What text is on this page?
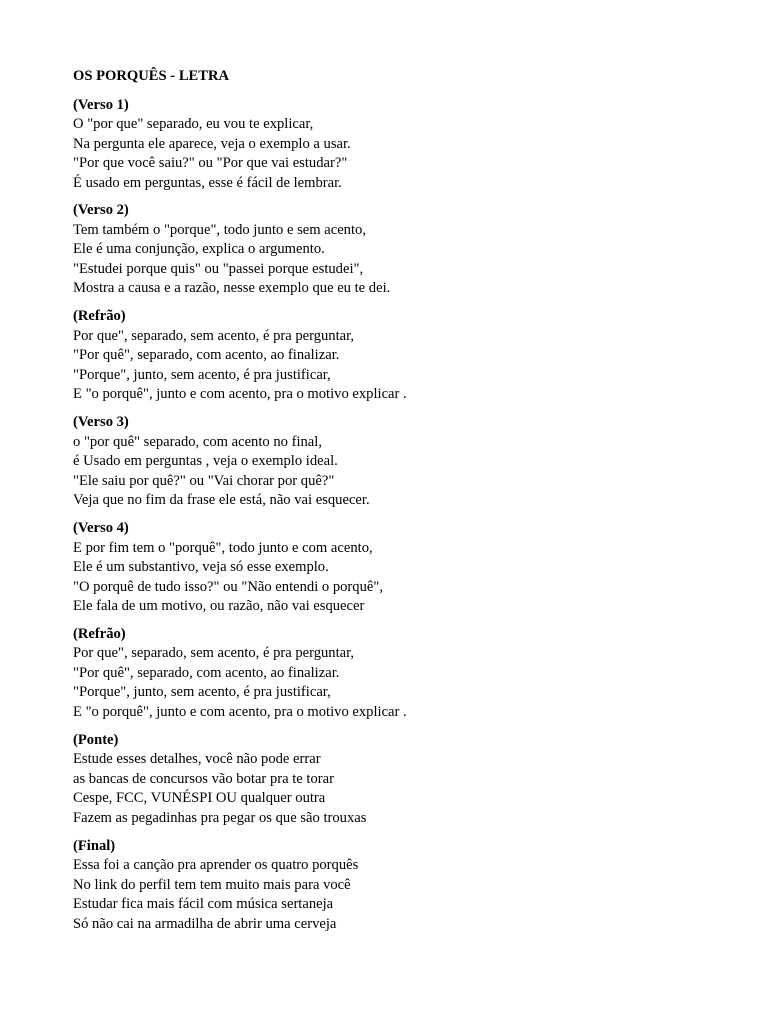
OS PORQUÊS - LETRA
(Verso 1)
O "por que" separado, eu vou te explicar,
Na pergunta ele aparece, veja o exemplo a usar.
"Por que você saiu?" ou "Por que vai estudar?"
É usado em perguntas, esse é fácil de lembrar.
(Verso 2)
Tem também o "porque", todo junto e sem acento,
Ele é uma conjunção, explica o argumento.
"Estudei porque quis" ou "passei porque estudei",
Mostra a causa e a razão, nesse exemplo que eu te dei.
(Refrão)
Por que", separado, sem acento, é pra perguntar,
"Por quê", separado, com acento, ao finalizar.
"Porque", junto, sem acento, é pra justificar,
E "o porquê", junto e com acento, pra o motivo explicar .
(Verso 3)
o "por quê" separado, com acento no final,
é Usado em perguntas , veja o exemplo ideal.
"Ele saiu por quê?" ou "Vai chorar por quê?"
Veja que no fim da frase ele está, não vai esquecer.
(Verso 4)
E por fim tem o "porquê", todo junto e com acento,
Ele é um substantivo, veja só esse exemplo.
"O porquê de tudo isso?" ou "Não entendi o porquê",
Ele fala de um motivo, ou razão, não vai esquecer
(Refrão)
Por que", separado, sem acento, é pra perguntar,
"Por quê", separado, com acento, ao finalizar.
"Porque", junto, sem acento, é pra justificar,
E "o porquê", junto e com acento, pra o motivo explicar .
(Ponte)
Estude esses detalhes, você não pode errar
as bancas de concursos vão botar pra te torar
Cespe, FCC, VUNÉSPI OU qualquer outra
Fazem as pegadinhas pra pegar os que são trouxas
(Final)
Essa foi a canção pra aprender os quatro porquês
No link do perfil tem tem muito mais para você
Estudar fica mais fácil com música sertaneja
Só não cai na armadilha de abrir uma cerveja
